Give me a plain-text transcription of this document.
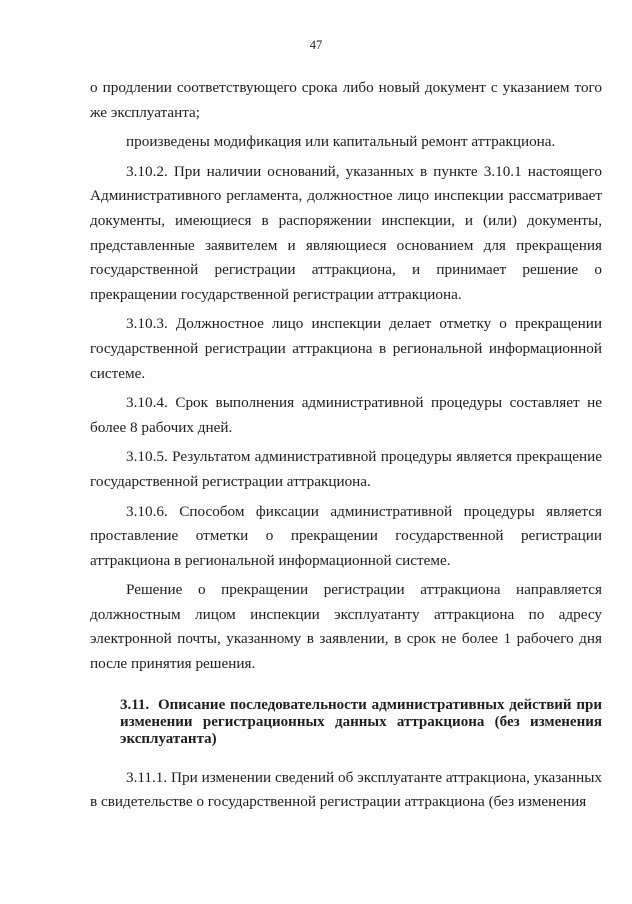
47

о продлении соответствующего срока либо новый документ с указанием того же эксплуатанта;

произведены модификация или капитальный ремонт аттракциона.

3.10.2. При наличии оснований, указанных в пункте 3.10.1 настоящего Административного регламента, должностное лицо инспекции рассматривает документы, имеющиеся в распоряжении инспекции, и (или) документы, представленные заявителем и являющиеся основанием для прекращения государственной регистрации аттракциона, и принимает решение о прекращении государственной регистрации аттракциона.

3.10.3. Должностное лицо инспекции делает отметку о прекращении государственной регистрации аттракциона в региональной информационной системе.

3.10.4. Срок выполнения административной процедуры составляет не более 8 рабочих дней.

3.10.5. Результатом административной процедуры является прекращение государственной регистрации аттракциона.

3.10.6. Способом фиксации административной процедуры является проставление отметки о прекращении государственной регистрации аттракциона в региональной информационной системе.

Решение о прекращении регистрации аттракциона направляется должностным лицом инспекции эксплуатанту аттракциона по адресу электронной почты, указанному в заявлении, в срок не более 1 рабочего дня после принятия решения.

3.11. Описание последовательности административных действий при изменении регистрационных данных аттракциона (без изменения эксплуатанта)

3.11.1. При изменении сведений об эксплуатанте аттракциона, указанных в свидетельстве о государственной регистрации аттракциона (без изменения
